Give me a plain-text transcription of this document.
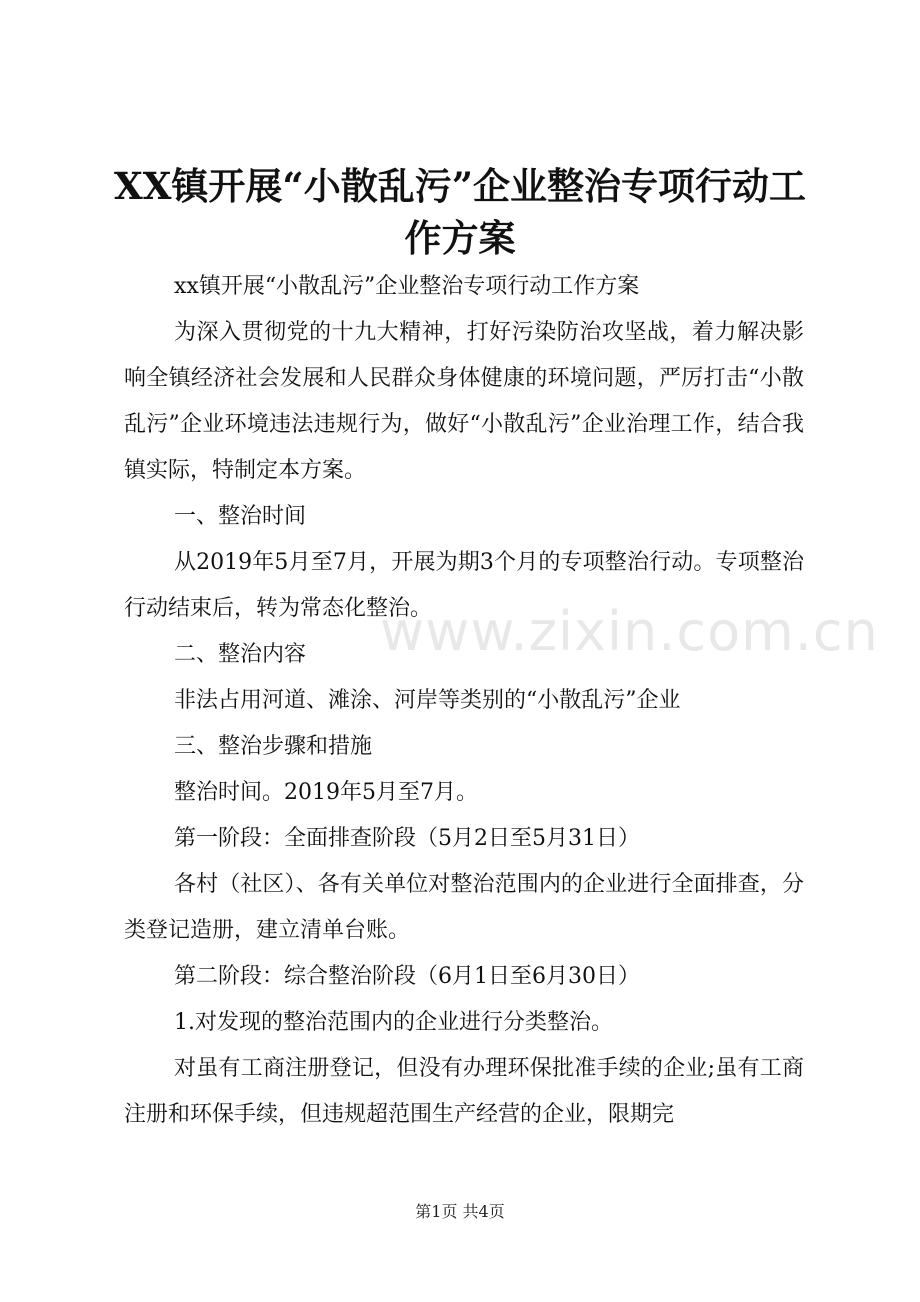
XX镇开展“小散乱污”企业整治专项行动工作方案

xx镇开展“小散乱污”企业整治专项行动工作方案

为深入贯彻党的十九大精神，打好污染防治攻坚战，着力解决影响全镇经济社会发展和人民群众身体健康的环境问题，严厉打击“小散乱污”企业环境违法违规行为，做好“小散乱污”企业治理工作，结合我镇实际，特制定本方案。

一、整治时间

从2019年5月至7月，开展为期3个月的专项整治行动。专项整治行动结束后，转为常态化整治。

二、整治内容

非法占用河道、滩涂、河岸等类别的“小散乱污”企业

三、整治步骤和措施

整治时间。2019年5月至7月。

第一阶段：全面排查阶段（5月2日至5月31日）

各村（社区）、各有关单位对整治范围内的企业进行全面排查，分类登记造册，建立清单台账。

第二阶段：综合整治阶段（6月1日至6月30日）

1.对发现的整治范围内的企业进行分类整治。

对虽有工商注册登记，但没有办理环保批准手续的企业;虽有工商注册和环保手续，但违规超范围生产经营的企业，限期完

www.zixin.com.cn
第1页 共4页
